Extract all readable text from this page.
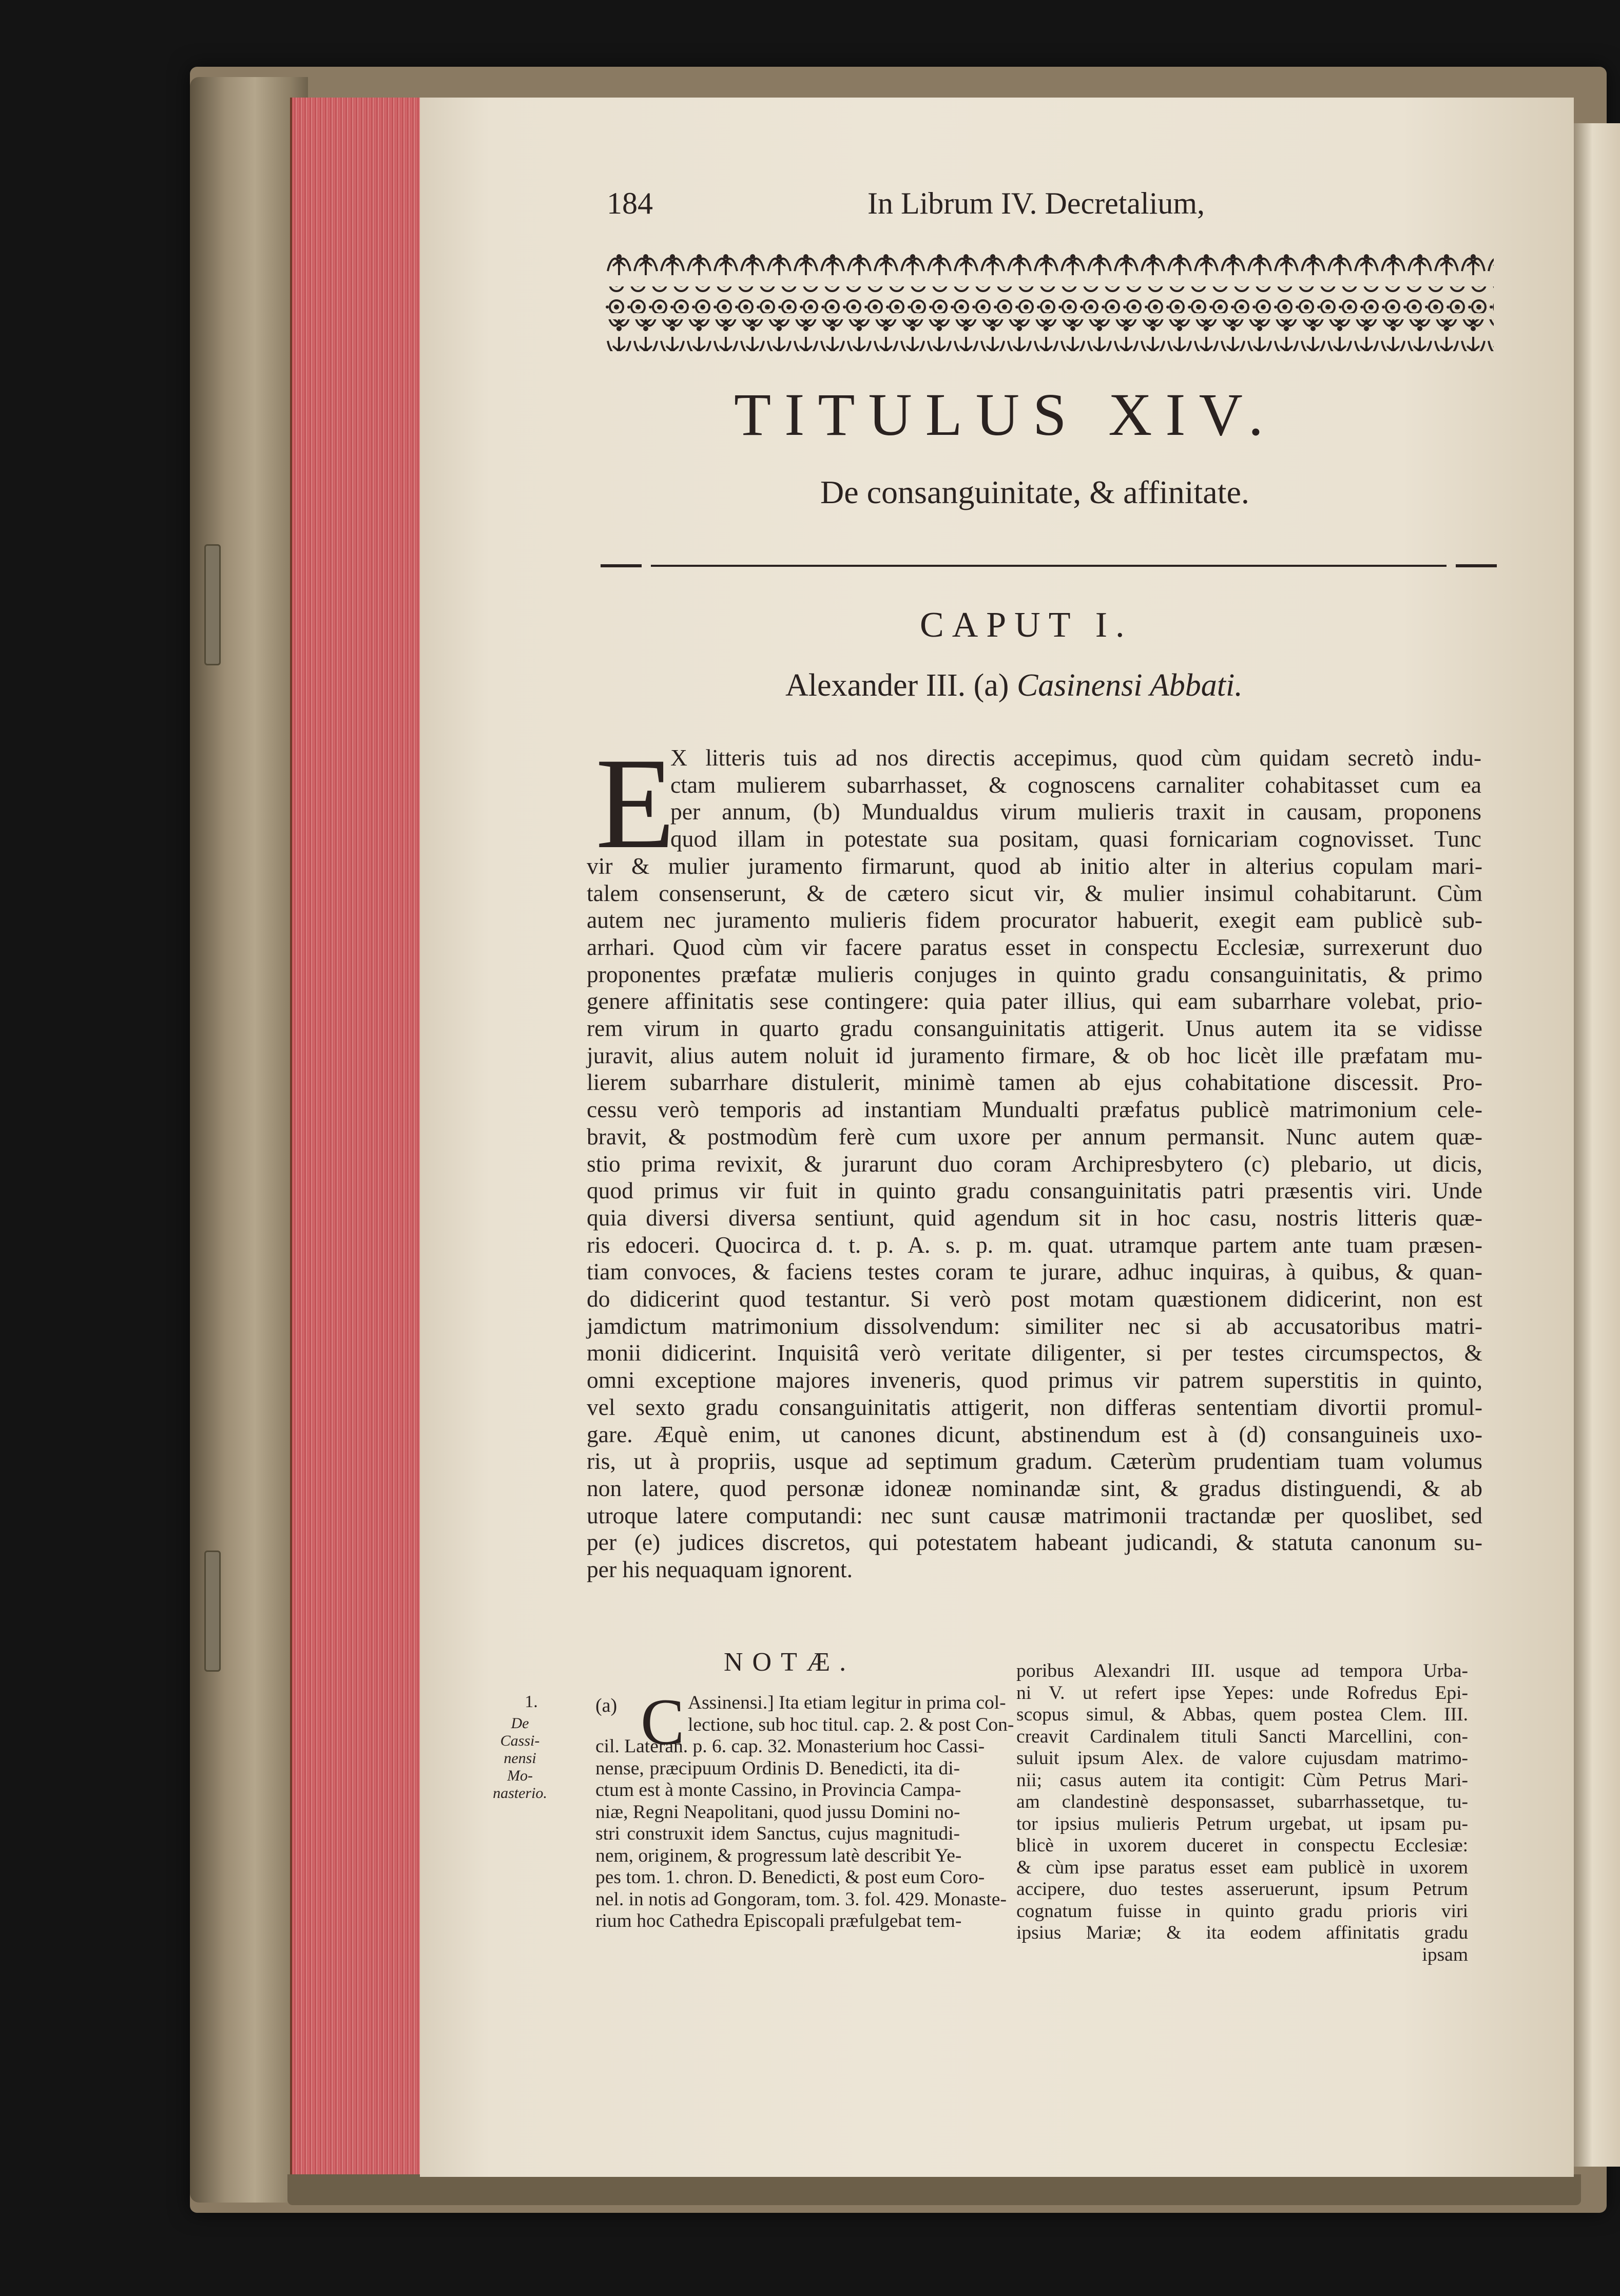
184	In Librum IV. Decretalium,
TITULUS XIV.
De consanguinitate, & affinitate.
CAPUT I.
Alexander III. (a) Casinensi Abbati.
E
X litteris tuis ad nos directis accepimus, quod cùm quidam secretò indu-
ctam mulierem subarrhasset, & cognoscens carnaliter cohabitasset cum ea
per annum, (b) Mundualdus virum mulieris traxit in causam, proponens
quod illam in potestate sua positam, quasi fornicariam cognovisset. Tunc
vir & mulier juramento firmarunt, quod ab initio alter in alterius copulam mari-
talem consenserunt, & de cætero sicut vir, & mulier insimul cohabitarunt. Cùm
autem nec juramento mulieris fidem procurator habuerit, exegit eam publicè sub-
arrhari. Quod cùm vir facere paratus esset in conspectu Ecclesiæ, surrexerunt duo
proponentes præfatæ mulieris conjuges in quinto gradu consanguinitatis, & primo
genere affinitatis sese contingere: quia pater illius, qui eam subarrhare volebat, prio-
rem virum in quarto gradu consanguinitatis attigerit. Unus autem ita se vidisse
juravit, alius autem noluit id juramento firmare, & ob hoc licèt ille præfatam mu-
lierem subarrhare distulerit, minimè tamen ab ejus cohabitatione discessit. Pro-
cessu verò temporis ad instantiam Mundualti præfatus publicè matrimonium cele-
bravit, & postmodùm ferè cum uxore per annum permansit. Nunc autem quæ-
stio prima revixit, & jurarunt duo coram Archipresbytero (c) plebario, ut dicis,
quod primus vir fuit in quinto gradu consanguinitatis patri præsentis viri. Unde
quia diversi diversa sentiunt, quid agendum sit in hoc casu, nostris litteris quæ-
ris edoceri. Quocirca d. t. p. A. s. p. m. quat. utramque partem ante tuam præsen-
tiam convoces, & faciens testes coram te jurare, adhuc inquiras, à quibus, & quan-
do didicerint quod testantur. Si verò post motam quæstionem didicerint, non est
jamdictum matrimonium dissolvendum: similiter nec si ab accusatoribus matri-
monii didicerint. Inquisitâ verò veritate diligenter, si per testes circumspectos, &
omni exceptione majores inveneris, quod primus vir patrem superstitis in quinto,
vel sexto gradu consanguinitatis attigerit, non differas sententiam divortii promul-
gare. Æquè enim, ut canones dicunt, abstinendum est à (d) consanguineis uxo-
ris, ut à propriis, usque ad septimum gradum. Cæterùm prudentiam tuam volumus
non latere, quod personæ idoneæ nominandæ sint, & gradus distinguendi, & ab
utroque latere computandi: nec sunt causæ matrimonii tractandæ per quoslibet, sed
per (e) judices discretos, qui potestatem habeant judicandi, & statuta canonum su-
per his nequaquam ignorent.
NOTÆ.
1.
De Cassi-nensi Mo-nasterio.
(a) C Assinensi.] Ita etiam legitur in prima col-
lectione, sub hoc titul. cap. 2. & post Con-
cil. Lateran. p. 6. cap. 32. Monasterium hoc Cassi-
nense, præcipuum Ordinis D. Benedicti, ita di-
ctum est à monte Cassino, in Provincia Campa-
niæ, Regni Neapolitani, quod jussu Domini no-
stri construxit idem Sanctus, cujus magnitudi-
nem, originem, & progressum latè describit Ye-
pes tom. 1. chron. D. Benedicti, & post eum Coro-
nel. in notis ad Gongoram, tom. 3. fol. 429. Monaste-
rium hoc Cathedra Episcopali præfulgebat tem-
poribus Alexandri III. usque ad tempora Urba-
ni V. ut refert ipse Yepes: unde Rofredus Epi-
scopus simul, & Abbas, quem postea Clem. III.
creavit Cardinalem tituli Sancti Marcellini, con-
suluit ipsum Alex. de valore cujusdam matrimo-
nii; casus autem ita contigit: Cùm Petrus Mari-
am clandestinè desponsasset, subarrhassetque, tu-
tor ipsius mulieris Petrum urgebat, ut ipsam pu-
blicè in uxorem duceret in conspectu Ecclesiæ:
& cùm ipse paratus esset eam publicè in uxorem
accipere, duo testes asseruerunt, ipsum Petrum
cognatum fuisse in quinto gradu prioris viri
ipsius Mariæ; & ita eodem affinitatis gradu
ipsam
